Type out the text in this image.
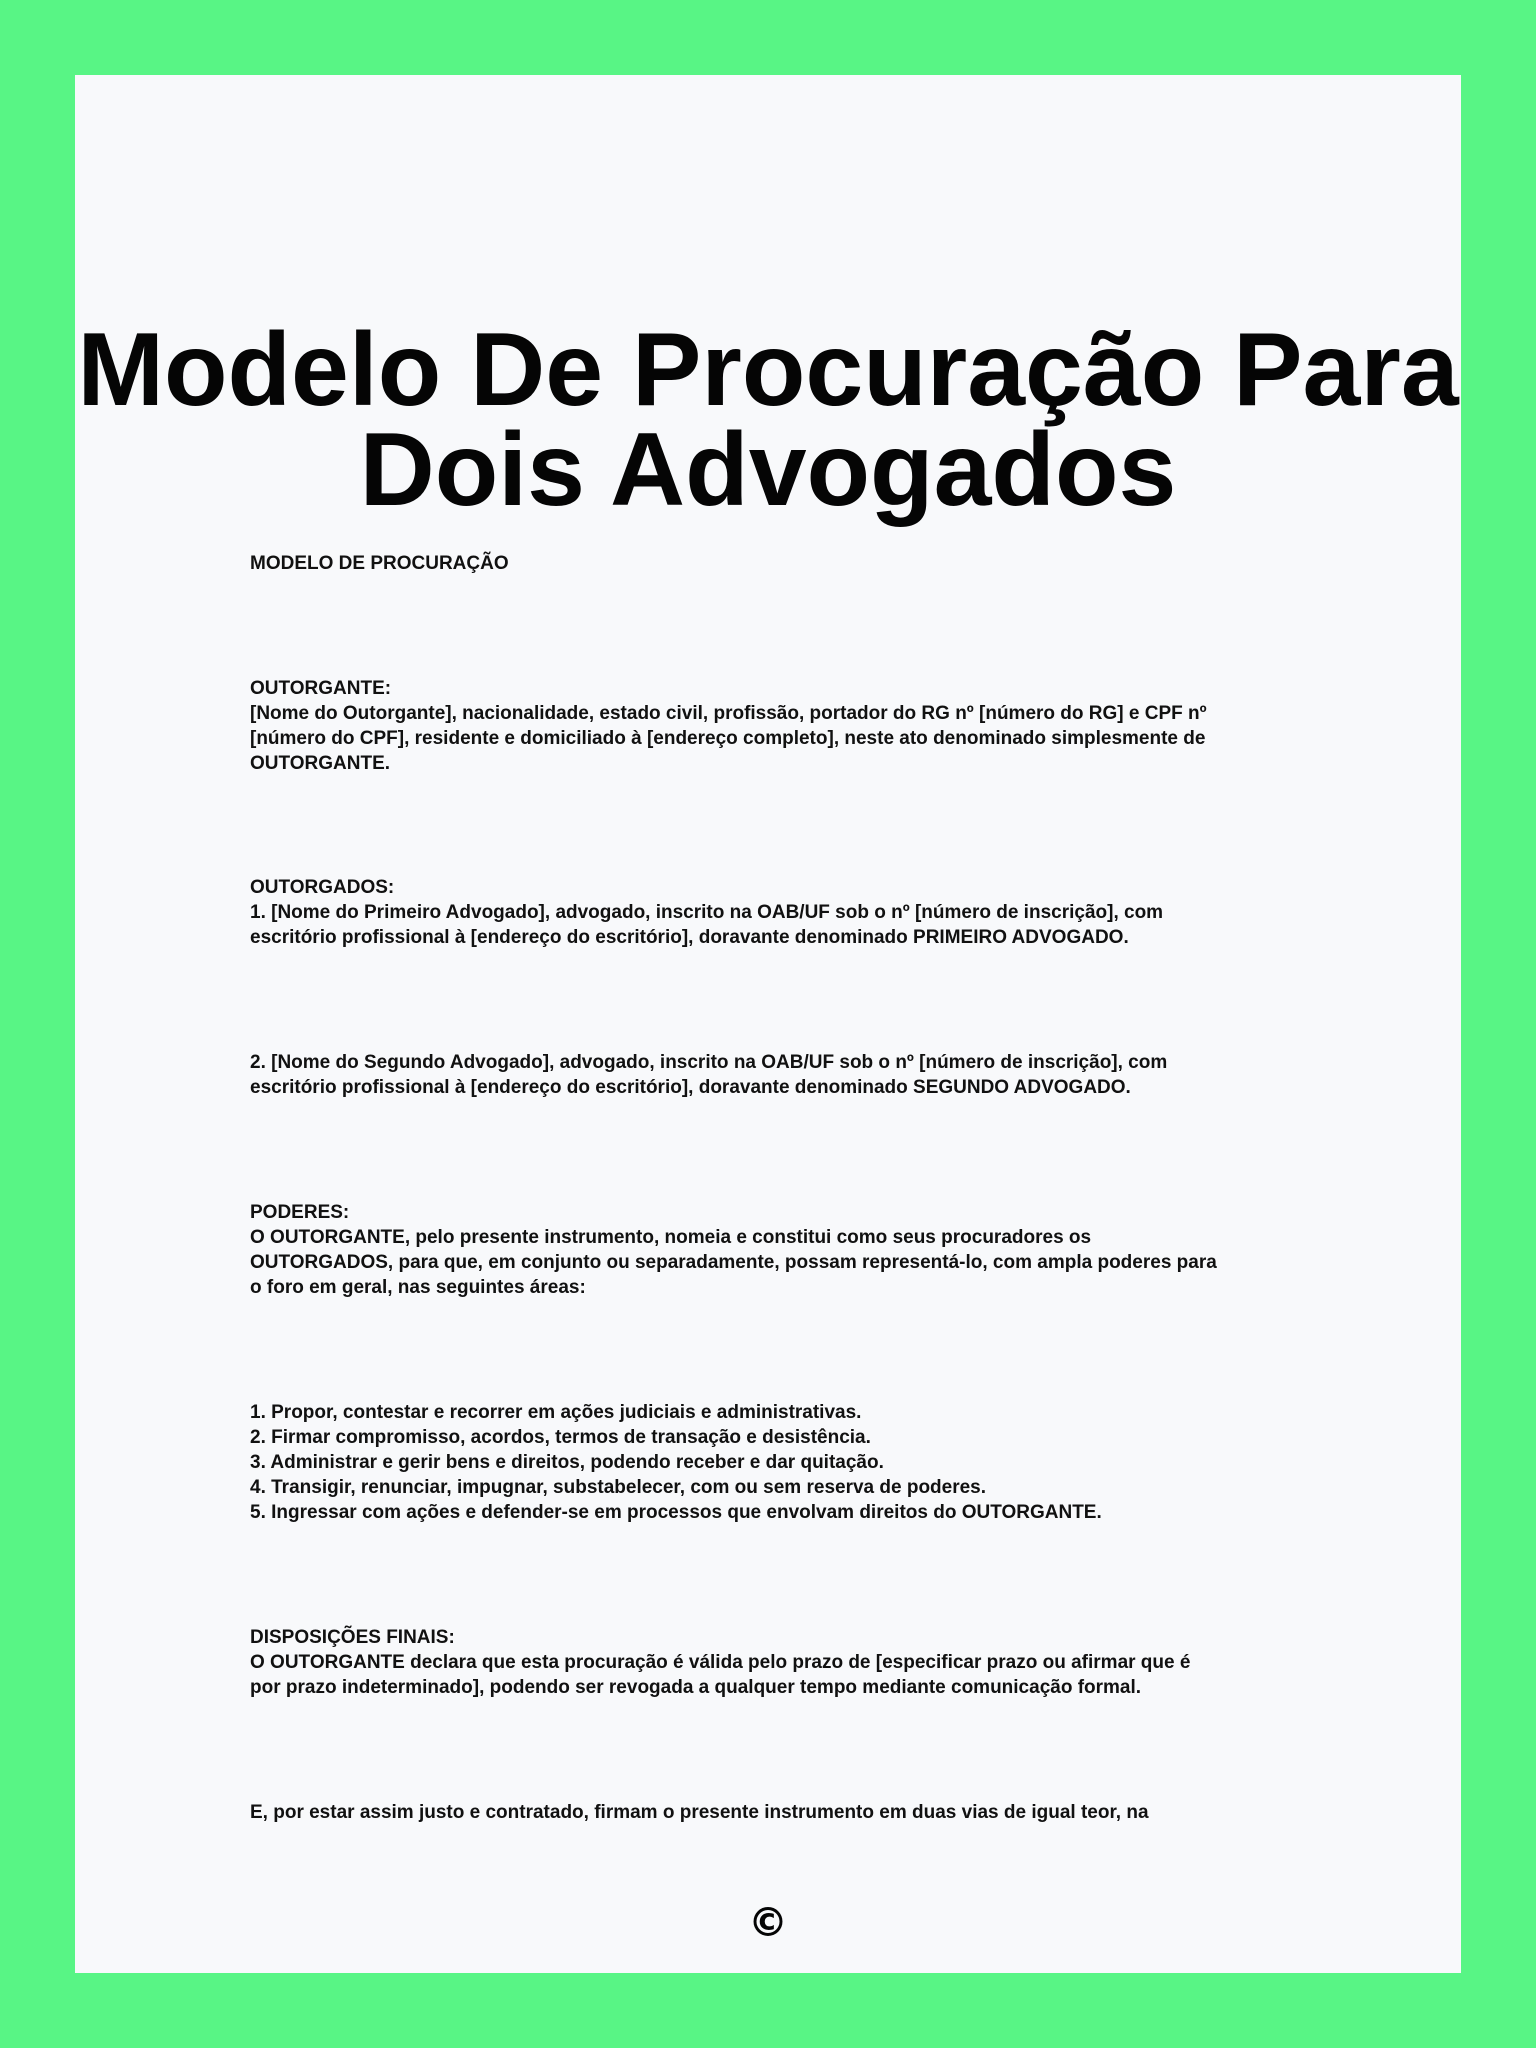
Modelo De Procuração Para
Dois Advogados

MODELO DE PROCURAÇÃO

OUTORGANTE:
[Nome do Outorgante], nacionalidade, estado civil, profissão, portador do RG nº [número do RG] e CPF nº
[número do CPF], residente e domiciliado à [endereço completo], neste ato denominado simplesmente de
OUTORGANTE.

OUTORGADOS:
1. [Nome do Primeiro Advogado], advogado, inscrito na OAB/UF sob o nº [número de inscrição], com
escritório profissional à [endereço do escritório], doravante denominado PRIMEIRO ADVOGADO.

2. [Nome do Segundo Advogado], advogado, inscrito na OAB/UF sob o nº [número de inscrição], com
escritório profissional à [endereço do escritório], doravante denominado SEGUNDO ADVOGADO.

PODERES:
O OUTORGANTE, pelo presente instrumento, nomeia e constitui como seus procuradores os
OUTORGADOS, para que, em conjunto ou separadamente, possam representá-lo, com ampla poderes para
o foro em geral, nas seguintes áreas:

1. Propor, contestar e recorrer em ações judiciais e administrativas.
2. Firmar compromisso, acordos, termos de transação e desistência.
3. Administrar e gerir bens e direitos, podendo receber e dar quitação.
4. Transigir, renunciar, impugnar, substabelecer, com ou sem reserva de poderes.
5. Ingressar com ações e defender-se em processos que envolvam direitos do OUTORGANTE.

DISPOSIÇÕES FINAIS:
O OUTORGANTE declara que esta procuração é válida pelo prazo de [especificar prazo ou afirmar que é
por prazo indeterminado], podendo ser revogada a qualquer tempo mediante comunicação formal.

E, por estar assim justo e contratado, firmam o presente instrumento em duas vias de igual teor, na

©
